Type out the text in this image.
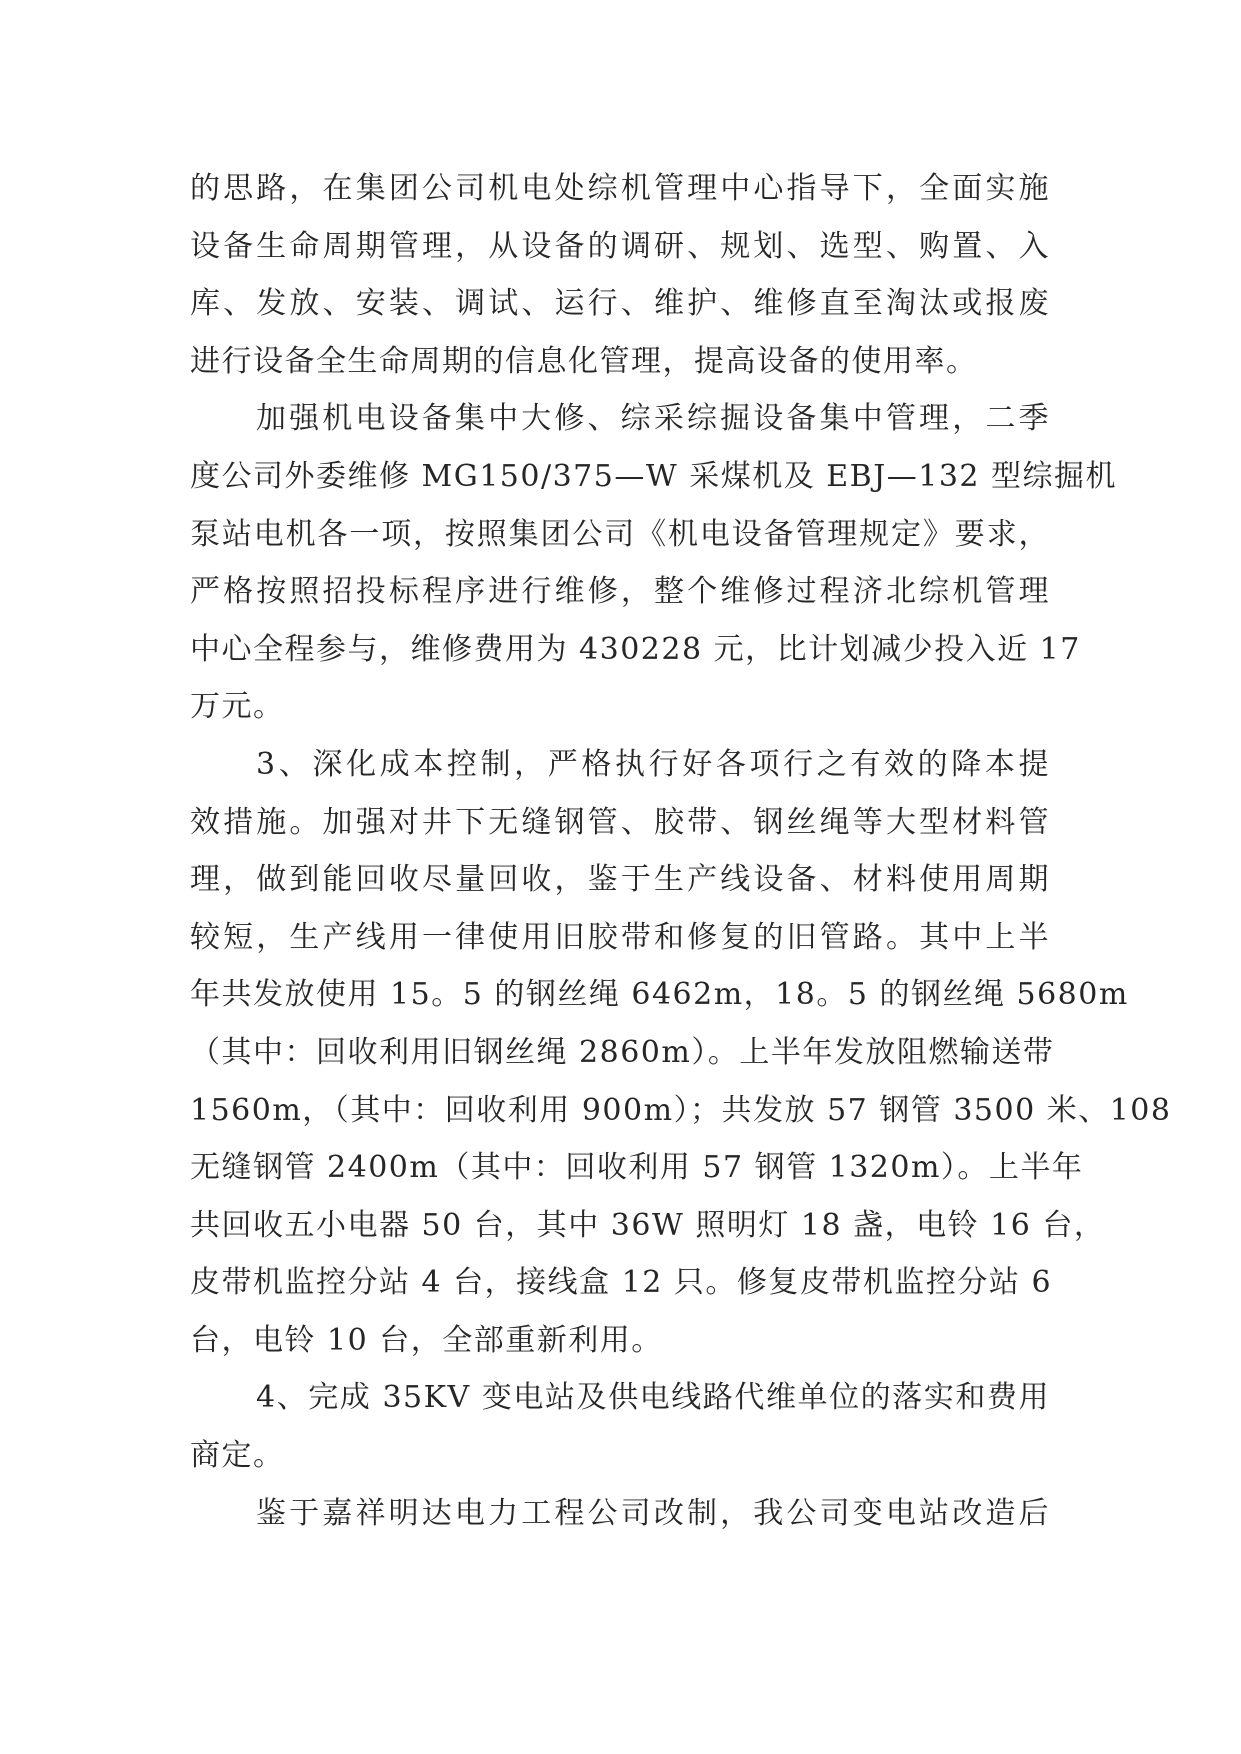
的思路，在集团公司机电处综机管理中心指导下，全面实施
设备生命周期管理，从设备的调研、规划、选型、购置、入
库、发放、安装、调试、运行、维护、维修直至淘汰或报废
进行设备全生命周期的信息化管理，提高设备的使用率。
加强机电设备集中大修、综采综掘设备集中管理，二季
度公司外委维修 MG150/375—W 采煤机及 EBJ—132 型综掘机
泵站电机各一项，按照集团公司《机电设备管理规定》要求，
严格按照招投标程序进行维修，整个维修过程济北综机管理
中心全程参与，维修费用为 430228 元，比计划减少投入近 17
万元。
3、深化成本控制，严格执行好各项行之有效的降本提
效措施。加强对井下无缝钢管、胶带、钢丝绳等大型材料管
理，做到能回收尽量回收，鉴于生产线设备、材料使用周期
较短，生产线用一律使用旧胶带和修复的旧管路。其中上半
年共发放使用 15。5 的钢丝绳 6462m，18。5 的钢丝绳 5680m
（其中：回收利用旧钢丝绳 2860m）。上半年发放阻燃输送带
1560m，（其中：回收利用 900m）；共发放 57 钢管 3500 米、108
无缝钢管 2400m（其中：回收利用 57 钢管 1320m）。上半年
共回收五小电器 50 台，其中 36W 照明灯 18 盏，电铃 16 台，
皮带机监控分站 4 台，接线盒 12 只。修复皮带机监控分站 6
台，电铃 10 台，全部重新利用。
4、完成 35KV 变电站及供电线路代维单位的落实和费用
商定。
鉴于嘉祥明达电力工程公司改制，我公司变电站改造后
